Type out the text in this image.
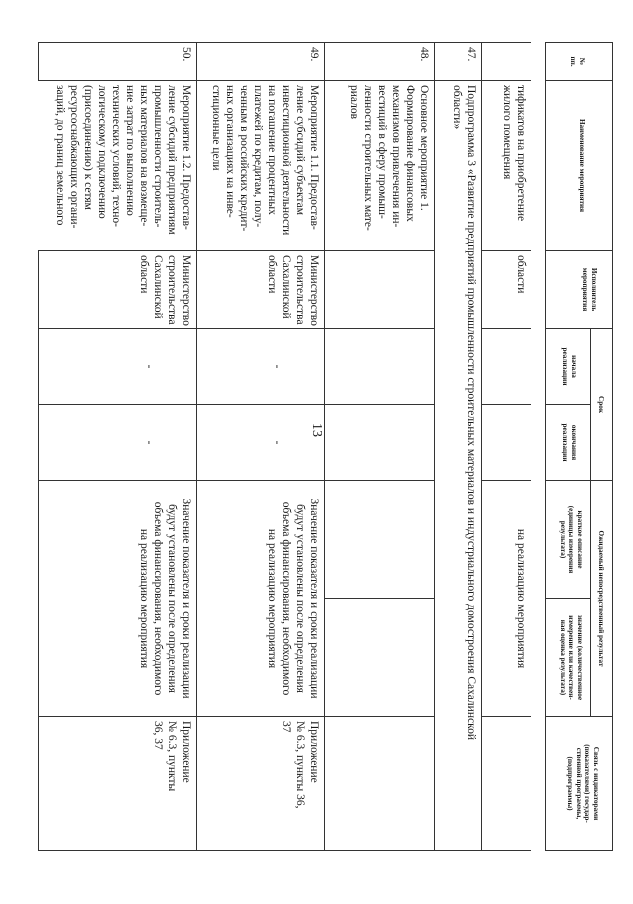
13
№
пп.
Наименование мероприятия
Исполнитель
мероприятия
Срок
начала
реализации
окончания
реализации
Ожидаемый непосредственный результат
краткое описание
(единицы измерения
результата)
значение (количественное
измерение или качествен-
ная оценка результата)
Связь с индикаторами
(показателями) государ-
ственной программы,
(подпрограммы)
тификатов на приобретение
жилого помещения
области
на реализацию мероприятия
47.
Подпрограмма 3 «Развитие предприятий промышленности строительных материалов и индустриального домостроения Сахалинской
области»
48.
Основное мероприятие 1.
Формирование финансовых
механизмов привлечения ин-
вестиций в сферу промыш-
ленности строительных мате-
риалов
49.
Мероприятие 1.1. Предостав-
ление субсидий субъектам
инвестиционной деятельности
на погашение процентных
платежей по кредитам, полу-
ченным в российских кредит-
ных организациях на инве-
стиционные цели
Министерство
строительства
Сахалинской
области
-
-
Значение показателя и сроки реализации
будут установлены после определения
объема финансирования, необходимого
на реализацию мероприятия
Приложение
№ 6.3, пункты 36,
37
50.
Мероприятие 1.2. Предостав-
ление субсидий предприятиям
промышленности строитель-
ных материалов на возмеще-
ние затрат по выполнению
технических условий, техно-
логическому подключению
(присоединению) к сетям
ресурсоснабжающих органи-
заций, до границ земельного
Министерство
строительства
Сахалинской
области
-
-
Значение показателя и сроки реализации
будут установлены после определения
объема финансирования, необходимого
на реализацию мероприятия
Приложение
№ 6.3, пункты
36, 37
